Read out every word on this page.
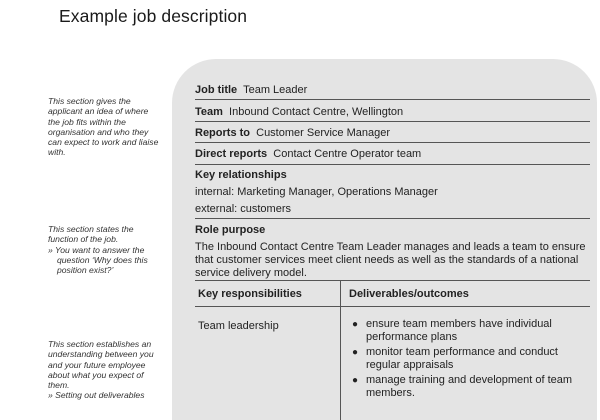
Example job description
This section gives the applicant an idea of where the job fits within the organisation and who they can expect to work and liaise with.
This section states the function of the job.
» You want to answer the question ‘Why does this position exist?’
This section establishes an understanding between you and your future employee about what you expect of them.
» Setting out deliverables
Job title Team Leader
Team Inbound Contact Centre, Wellington
Reports to Customer Service Manager
Direct reports Contact Centre Operator team
Key relationships
internal: Marketing Manager, Operations Manager
external: customers
Role purpose
The Inbound Contact Centre Team Leader manages and leads a team to ensure that customer services meet client needs as well as the standards of a national service delivery model.
Key responsibilities	Deliverables/outcomes
Team leadership	● ensure team members have individual performance plans
● monitor team performance and conduct regular appraisals
● manage training and development of team members.
